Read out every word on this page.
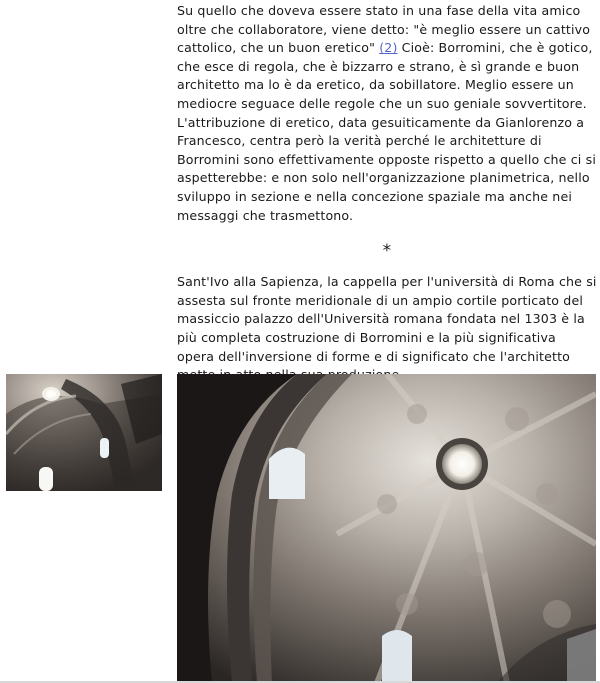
Su quello che doveva essere stato in una fase della vita amico oltre che collaboratore, viene detto: "è meglio essere un cattivo cattolico, che un buon eretico" (2) Cioè: Borromini, che è gotico, che esce di regola, che è bizzarro e strano, è sì grande e buon architetto ma lo è da eretico, da sobillatore. Meglio essere un mediocre seguace delle regole che un suo geniale sovvertitore. L'attribuzione di eretico, data gesuiticamente da Gianlorenzo a Francesco, centra però la verità perché le architetture di Borromini sono effettivamente opposte rispetto a quello che ci si aspetterebbe: e non solo nell'organizzazione planimetrica, nello sviluppo in sezione e nella concezione spaziale ma anche nei messaggi che trasmettono.

*

Sant'Ivo alla Sapienza, la cappella per l'università di Roma che si assesta sul fronte meridionale di un ampio cortile porticato del massiccio palazzo dell'Università romana fondata nel 1303 è la più completa costruzione di Borromini e la più significativa opera dell'inversione di forme e di significato che l'architetto
